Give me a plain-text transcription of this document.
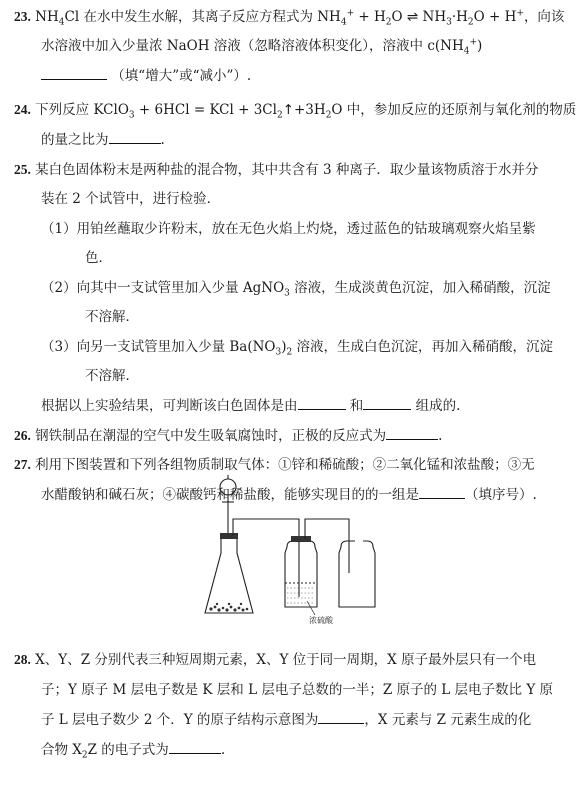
23. $NH_4Cl$ 在水中发生水解，其离子反应方程式为 $NH_4^+ + H_2O$ ⇌ $NH_3\cdot H_2O + H^+$，向该
水溶液中加入少量浓 NaOH 溶液（忽略溶液体积变化），溶液中 $c(NH_4^+)$
（填“增大”或“减小”）.
24. 下列反应 KClO$_3$ + 6HCl = KCl + $3Cl_2↑+3H_2O$ 中，参加反应的还原剂与氧化剂的物质
的量之比为	.
25. 某白色固体粉末是两种盐的混合物，其中共含有 3 种离子．取少量该物质溶于水并分
装在 2 个试管中，进行检验．
（1）用铂丝蘸取少许粉末，放在无色火焰上灼烧，透过蓝色的钴玻璃观察火焰呈紫
色．
（2）向其中一支试管里加入少量 AgNO$_3$ 溶液，生成淡黄色沉淀，加入稀硝酸，沉淀
不溶解．
（3）向另一支试管里加入少量 $Ba(NO_3)_2$ 溶液，生成白色沉淀，再加入稀硝酸，沉淀
不溶解．
根据以上实验结果，可判断该白色固体是由	和	组成的.
26. 钢铁制品在潮湿的空气中发生吸氧腐蚀时，正极的反应式为	.
27. 利用下图装置和下列各组物质制取气体：①锌和稀硫酸；②二氧化锰和浓盐酸；③无
水醋酸钠和碱石灰；④碳酸钙和稀盐酸，能够实现目的的一组是	（填序号）.
浓硫酸
28. X、Y、Z 分别代表三种短周期元素，X、Y 位于同一周期，X 原子最外层只有一个电
子；Y 原子 M 层电子数是 K 层和 L 层电子总数的一半；Z 原子的 L 层电子数比 Y 原
子 L 层电子数少 2 个．Y 的原子结构示意图为	，X 元素与 Z 元素生成的化
合物 $X_2Z$ 的电子式为	.
